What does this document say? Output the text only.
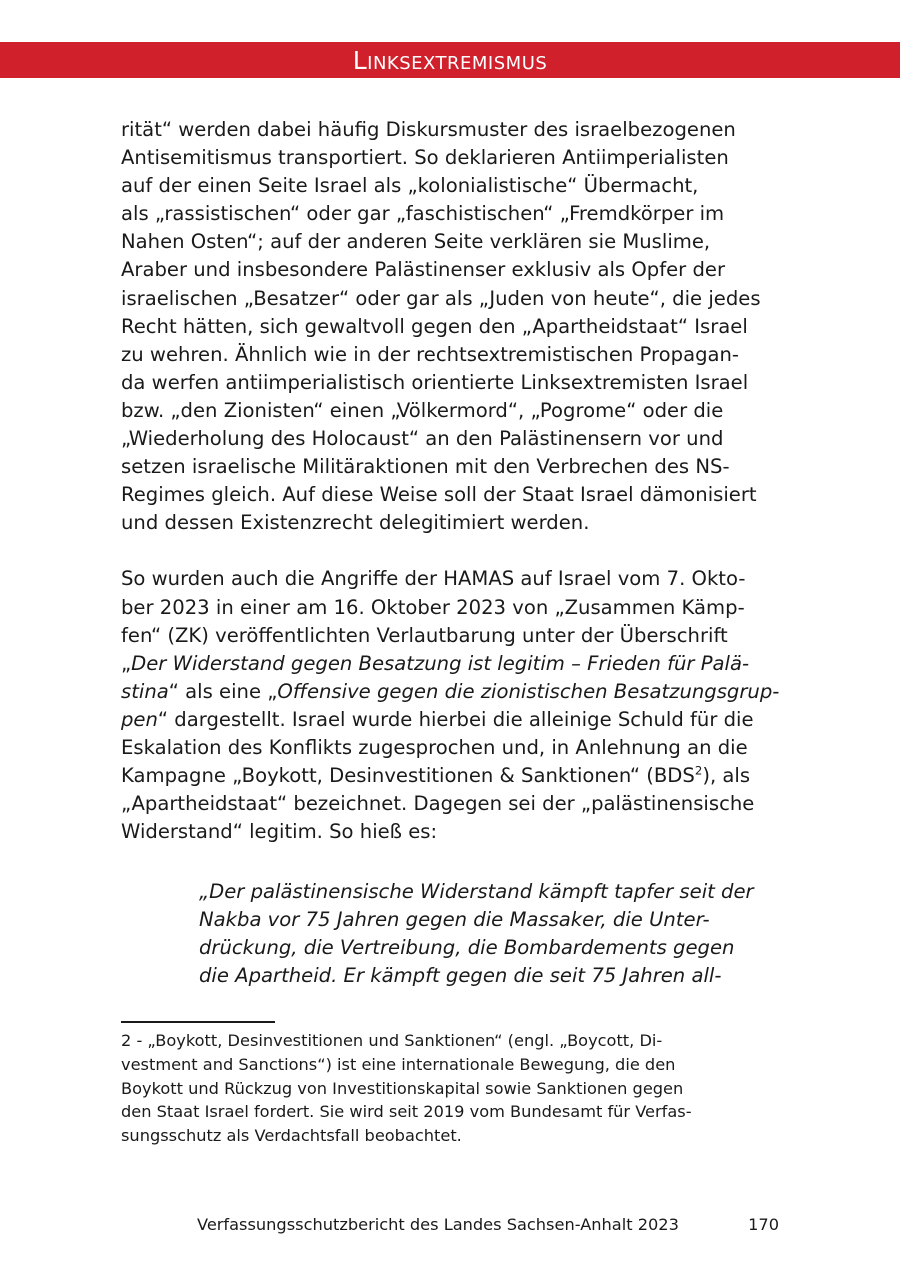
Linksextremismus

rität“ werden dabei häufig Diskursmuster des israelbezogenen
Antisemitismus transportiert. So deklarieren Antiimperialisten
auf der einen Seite Israel als „kolonialistische“ Übermacht,
als „rassistischen“ oder gar „faschistischen“ „Fremdkörper im
Nahen Osten“; auf der anderen Seite verklären sie Muslime,
Araber und insbesondere Palästinenser exklusiv als Opfer der
israelischen „Besatzer“ oder gar als „Juden von heute“, die jedes
Recht hätten, sich gewaltvoll gegen den „Apartheidstaat“ Israel
zu wehren. Ähnlich wie in der rechtsextremistischen Propagan-
da werfen antiimperialistisch orientierte Linksextremisten Israel
bzw. „den Zionisten“ einen „Völkermord“, „Pogrome“ oder die
„Wiederholung des Holocaust“ an den Palästinensern vor und
setzen israelische Militäraktionen mit den Verbrechen des NS-
Regimes gleich. Auf diese Weise soll der Staat Israel dämonisiert
und dessen Existenzrecht delegitimiert werden.

So wurden auch die Angriffe der HAMAS auf Israel vom 7. Okto-
ber 2023 in einer am 16. Oktober 2023 von „Zusammen Kämp-
fen“ (ZK) veröffentlichten Verlautbarung unter der Überschrift
„Der Widerstand gegen Besatzung ist legitim – Frieden für Palä-
stina“ als eine „Offensive gegen die zionistischen Besatzungsgrup-
pen“ dargestellt. Israel wurde hierbei die alleinige Schuld für die
Eskalation des Konflikts zugesprochen und, in Anlehnung an die
Kampagne „Boykott, Desinvestitionen & Sanktionen“ (BDS$^2$), als
„Apartheidstaat“ bezeichnet. Dagegen sei der „palästinensische
Widerstand“ legitim. So hieß es:

„Der palästinensische Widerstand kämpft tapfer seit der
Nakba vor 75 Jahren gegen die Massaker, die Unter-
drückung, die Vertreibung, die Bombardements gegen
die Apartheid. Er kämpft gegen die seit 75 Jahren all-

2 - „Boykott, Desinvestitionen und Sanktionen“ (engl. „Boycott, Di-
vestment and Sanctions“) ist eine internationale Bewegung, die den
Boykott und Rückzug von Investitionskapital sowie Sanktionen gegen
den Staat Israel fordert. Sie wird seit 2019 vom Bundesamt für Verfas-
sungsschutz als Verdachtsfall beobachtet.

Verfassungsschutzbericht des Landes Sachsen-Anhalt 2023	170
